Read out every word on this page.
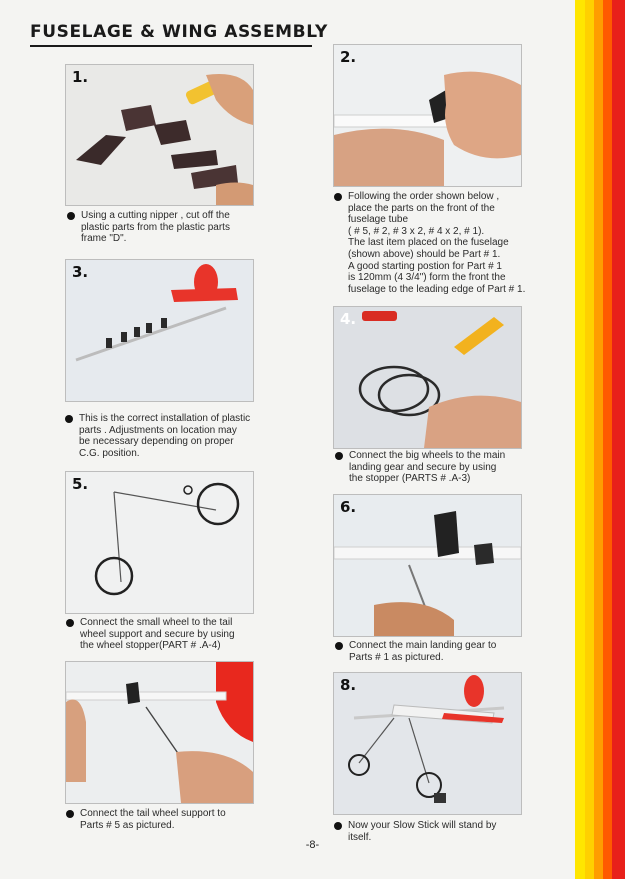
FUSELAGE & WING ASSEMBLY
1.

Using a cutting nipper , cut off the
plastic parts from the plastic parts
frame "D".

2.

Following the order shown below ,
place the parts on the front of the
fuselage tube
( # 5, # 2, # 3 x 2, # 4 x 2, # 1).
The last item placed on the fuselage
(shown above) should be Part # 1.
A good starting postion for Part # 1
is 120mm (4 3/4") form the front the
fuselage to the leading edge of Part # 1.

3.

This is the correct installation of plastic
parts . Adjustments on location may
be necessary depending on proper
C.G. position.

4.

Connect the big wheels to the main
landing gear and secure by using
the stopper (PARTS # .A-3)

5.

Connect the small wheel to the tail
wheel support and secure by using
the wheel stopper(PART # .A-4)

6.

Connect the main landing gear to
Parts # 1 as pictured.

Connect the tail wheel support to
Parts # 5 as pictured.

8.

Now your Slow Stick will stand by
itself.

-8-
